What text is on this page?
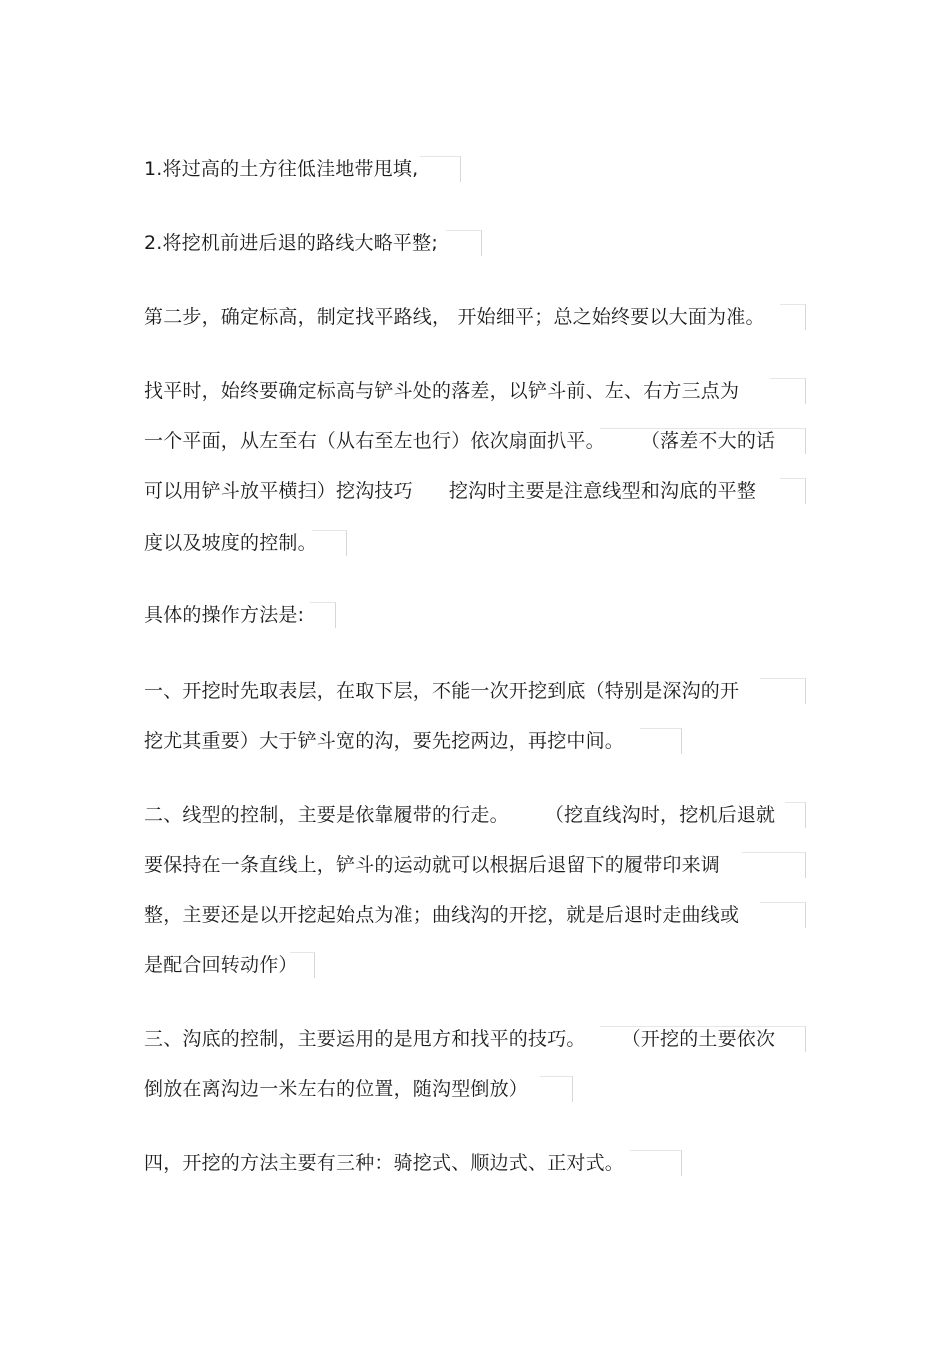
1.将过高的土方往低洼地带甩填,
2.将挖机前进后退的路线大略平整;
第二步，确定标高，制定找平路线， 开始细平；总之始终要以大面为准。
找平时，始终要确定标高与铲斗处的落差，以铲斗前、左、右方三点为
一个平面，从左至右（从右至左也行）依次扇面扒平。 （落差不大的话
可以用铲斗放平横扫）挖沟技巧 挖沟时主要是注意线型和沟底的平整
度以及坡度的控制。
具体的操作方法是:
一、开挖时先取表层，在取下层，不能一次开挖到底（特别是深沟的开
挖尤其重要）大于铲斗宽的沟，要先挖两边，再挖中间。
二、线型的控制，主要是依靠履带的行走。 （挖直线沟时，挖机后退就
要保持在一条直线上，铲斗的运动就可以根据后退留下的履带印来调
整，主要还是以开挖起始点为准；曲线沟的开挖，就是后退时走曲线或
是配合回转动作）
三、沟底的控制，主要运用的是甩方和找平的技巧。 （开挖的土要依次
倒放在离沟边一米左右的位置，随沟型倒放）
四，开挖的方法主要有三种：骑挖式、顺边式、正对式。
